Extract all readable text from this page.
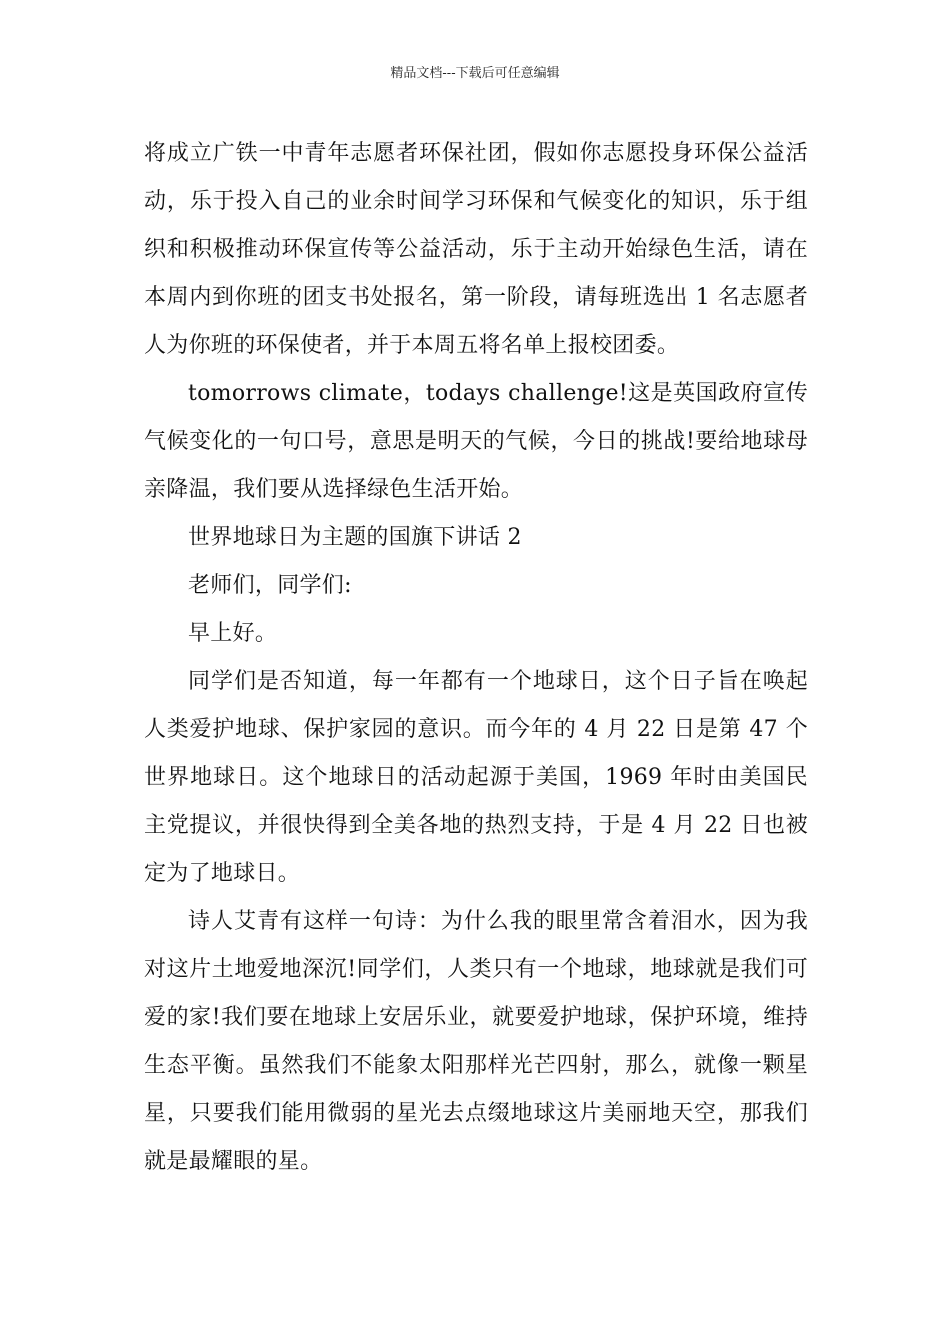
精品文档---下载后可任意编辑

将成立广铁一中青年志愿者环保社团，假如你志愿投身环保公益活动，乐于投入自己的业余时间学习环保和气候变化的知识，乐于组织和积极推动环保宣传等公益活动，乐于主动开始绿色生活，请在本周内到你班的团支书处报名，第一阶段，请每班选出 1 名志愿者人为你班的环保使者，并于本周五将名单上报校团委。

tomorrows climate，todays challenge!这是英国政府宣传气候变化的一句口号，意思是明天的气候，今日的挑战!要给地球母亲降温，我们要从选择绿色生活开始。

世界地球日为主题的国旗下讲话 2

老师们，同学们:

早上好。

同学们是否知道，每一年都有一个地球日，这个日子旨在唤起人类爱护地球、保护家园的意识。而今年的 4 月 22 日是第 47 个世界地球日。这个地球日的活动起源于美国，1969 年时由美国民主党提议，并很快得到全美各地的热烈支持，于是 4 月 22 日也被定为了地球日。

诗人艾青有这样一句诗：为什么我的眼里常含着泪水，因为我对这片土地爱地深沉!同学们，人类只有一个地球，地球就是我们可爱的家!我们要在地球上安居乐业，就要爱护地球，保护环境，维持生态平衡。虽然我们不能象太阳那样光芒四射，那么，就像一颗星星，只要我们能用微弱的星光去点缀地球这片美丽地天空，那我们就是最耀眼的星。
